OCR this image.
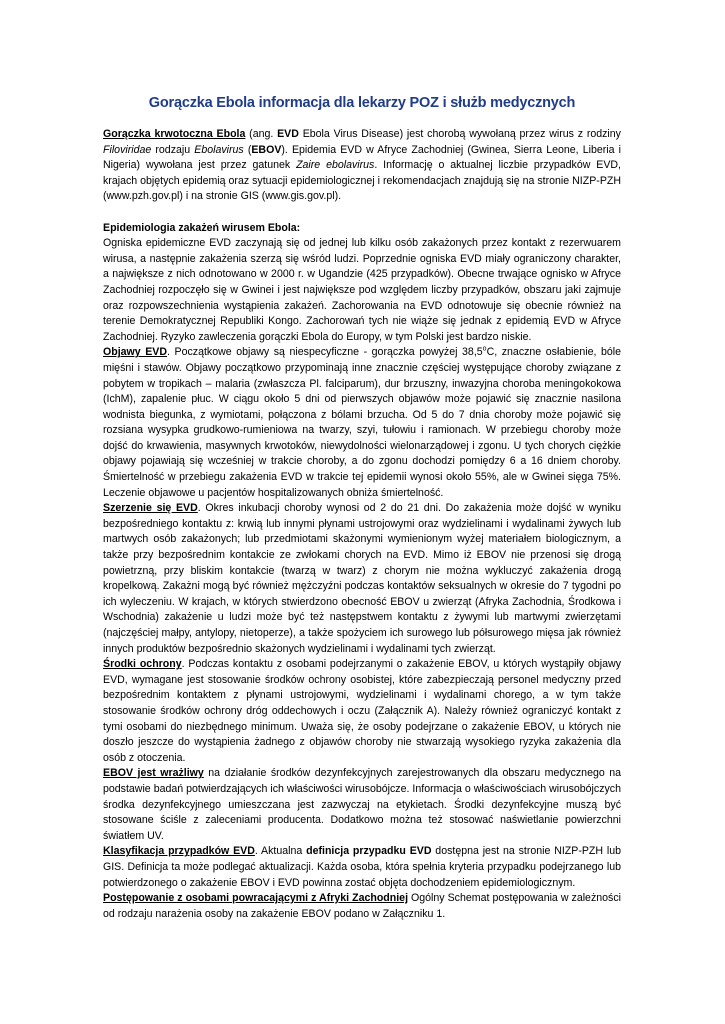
Gorączka Ebola informacja dla lekarzy POZ i służb medycznych

Gorączka krwotoczna Ebola (ang. EVD Ebola Virus Disease) jest chorobą wywołaną przez wirus z rodziny Filoviridae rodzaju Ebolavirus (EBOV). Epidemia EVD w Afryce Zachodniej (Gwinea, Sierra Leone, Liberia i Nigeria) wywołana jest przez gatunek Zaire ebolavirus. Informację o aktualnej liczbie przypadków EVD, krajach objętych epidemią oraz sytuacji epidemiologicznej i rekomendacjach znajdują się na stronie NIZP-PZH (www.pzh.gov.pl) i na stronie GIS (www.gis.gov.pl).

Epidemiologia zakażeń wirusem Ebola:

Ogniska epidemiczne EVD zaczynają się od jednej lub kilku osób zakażonych przez kontakt z rezerwuarem wirusa, a następnie zakażenia szerzą się wśród ludzi. Poprzednie ogniska EVD miały ograniczony charakter, a największe z nich odnotowano w 2000 r. w Ugandzie (425 przypadków). Obecne trwające ognisko w Afryce Zachodniej rozpoczęło się w Gwinei i jest największe pod względem liczby przypadków, obszaru jaki zajmuje oraz rozpowszechnienia wystąpienia zakażeń. Zachorowania na EVD odnotowuje się obecnie również na terenie Demokratycznej Republiki Kongo. Zachorowań tych nie wiąże się jednak z epidemią EVD w Afryce Zachodniej. Ryzyko zawleczenia gorączki Ebola do Europy, w tym Polski jest bardzo niskie.

Objawy EVD. Początkowe objawy są niespecyficzne - gorączka powyżej 38,5$^o$C, znaczne osłabienie, bóle mięśni i stawów. Objawy początkowo przypominają inne znacznie częściej występujące choroby związane z pobytem w tropikach – malaria (zwłaszcza Pl. falciparum), dur brzuszny, inwazyjna choroba meningokokowa (IchM), zapalenie płuc. W ciągu około 5 dni od pierwszych objawów może pojawić się znacznie nasilona wodnista biegunka, z wymiotami, połączona z bólami brzucha. Od 5 do 7 dnia choroby może pojawić się rozsiana wysypka grudkowo-rumieniowa na twarzy, szyi, tułowiu i ramionach. W przebiegu choroby może dojść do krwawienia, masywnych krwotoków, niewydolności wielonarządowej i zgonu. U tych chorych ciężkie objawy pojawiają się wcześniej w trakcie choroby, a do zgonu dochodzi pomiędzy 6 a 16 dniem choroby. Śmiertelność w przebiegu zakażenia EVD w trakcie tej epidemii wynosi około 55%, ale w Gwinei sięga 75%. Leczenie objawowe u pacjentów hospitalizowanych obniża śmiertelność.

Szerzenie się EVD. Okres inkubacji choroby wynosi od 2 do 21 dni. Do zakażenia może dojść w wyniku bezpośredniego kontaktu z: krwią lub innymi płynami ustrojowymi oraz wydzielinami i wydalinami żywych lub martwych osób zakażonych; lub przedmiotami skażonymi wymienionym wyżej materiałem biologicznym, a także przy bezpośrednim kontakcie ze zwłokami chorych na EVD. Mimo iż EBOV nie przenosi się drogą powietrzną, przy bliskim kontakcie (twarzą w twarz) z chorym nie można wykluczyć zakażenia drogą kropelkową. Zakażni mogą być również mężczyźni podczas kontaktów seksualnych w okresie do 7 tygodni po ich wyleczeniu. W krajach, w których stwierdzono obecność EBOV u zwierząt (Afryka Zachodnia, Środkowa i Wschodnia) zakażenie u ludzi może być też następstwem kontaktu z żywymi lub martwymi zwierzętami (najczęściej małpy, antylopy, nietoperze), a także spożyciem ich surowego lub półsurowego mięsa jak również innych produktów bezpośrednio skażonych wydzielinami i wydalinami tych zwierząt.

Środki ochrony. Podczas kontaktu z osobami podejrzanymi o zakażenie EBOV, u których wystąpiły objawy EVD, wymagane jest stosowanie środków ochrony osobistej, które zabezpieczają personel medyczny przed bezpośrednim kontaktem z płynami ustrojowymi, wydzielinami i wydalinami chorego, a w tym także stosowanie środków ochrony dróg oddechowych i oczu (Załącznik A). Należy również ograniczyć kontakt z tymi osobami do niezbędnego minimum. Uważa się, że osoby podejrzane o zakażenie EBOV, u których nie doszło jeszcze do wystąpienia żadnego z objawów choroby nie stwarzają wysokiego ryzyka zakażenia dla osób z otoczenia.

EBOV jest wrażliwy na działanie środków dezynfekcyjnych zarejestrowanych dla obszaru medycznego na podstawie badań potwierdzających ich właściwości wirusobójcze. Informacja o właściwościach wirusobójczych środka dezynfekcyjnego umieszczana jest zazwyczaj na etykietach. Środki dezynfekcyjne muszą być stosowane ściśle z zaleceniami producenta. Dodatkowo można też stosować naświetlanie powierzchni światłem UV.

Klasyfikacja przypadków EVD. Aktualna definicja przypadku EVD dostępna jest na stronie NIZP-PZH lub GIS. Definicja ta może podlegać aktualizacji. Każda osoba, która spełnia kryteria przypadku podejrzanego lub potwierdzonego o zakażenie EBOV i EVD powinna zostać objęta dochodzeniem epidemiologicznym.

Postępowanie z osobami powracającymi z Afryki Zachodniej Ogólny Schemat postępowania w zależności od rodzaju narażenia osoby na zakażenie EBOV podano w Załączniku 1.
